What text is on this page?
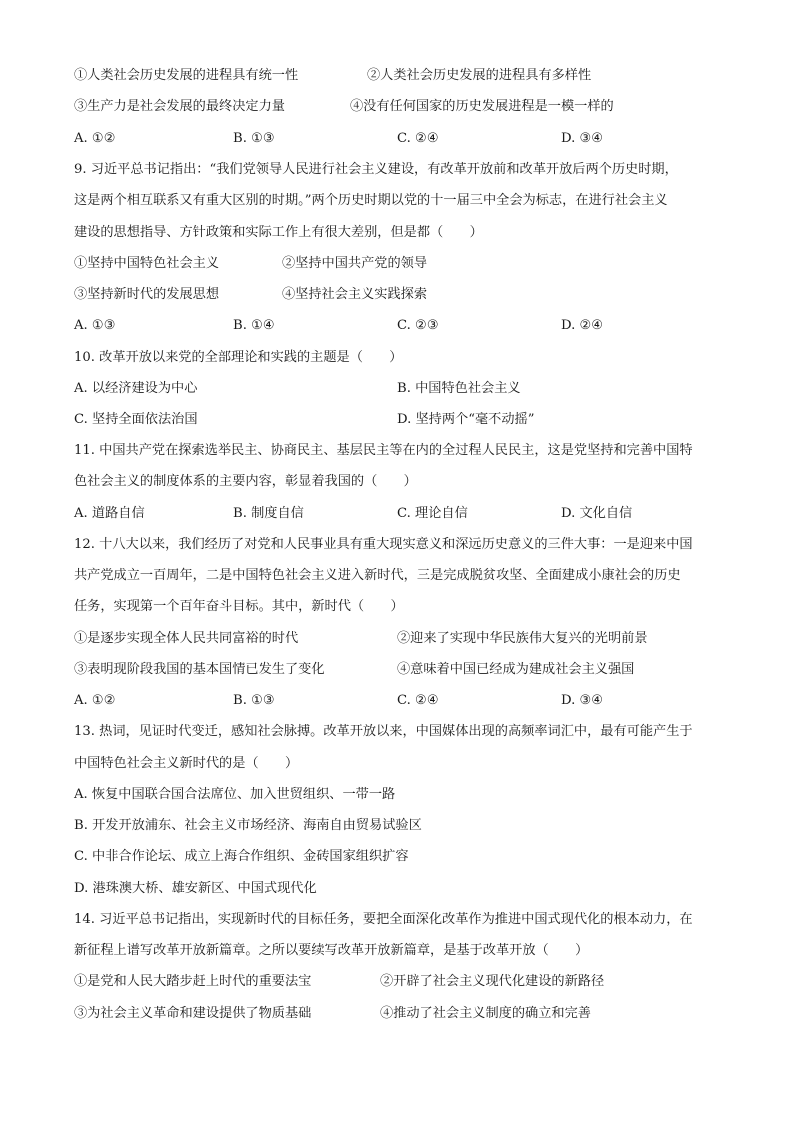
①人类社会历史发展的进程具有统一性	②人类社会历史发展的进程具有多样性
③生产力是社会发展的最终决定力量	④没有任何国家的历史发展进程是一模一样的
A. ①②	B. ①③	C. ②④	D. ③④
9. 习近平总书记指出：“我们党领导人民进行社会主义建设，有改革开放前和改革开放后两个历史时期，
这是两个相互联系又有重大区别的时期。”两个历史时期以党的十一届三中全会为标志，在进行社会主义
建设的思想指导、方针政策和实际工作上有很大差别，但是都（　　）
①坚持中国特色社会主义	②坚持中国共产党的领导
③坚持新时代的发展思想	④坚持社会主义实践探索
A. ①③	B. ①④	C. ②③	D. ②④
10. 改革开放以来党的全部理论和实践的主题是（　　）
A. 以经济建设为中心	B. 中国特色社会主义
C. 坚持全面依法治国	D. 坚持两个“毫不动摇”
11. 中国共产党在探索选举民主、协商民主、基层民主等在内的全过程人民民主，这是党坚持和完善中国特
色社会主义的制度体系的主要内容，彰显着我国的（　　）
A. 道路自信	B. 制度自信	C. 理论自信	D. 文化自信
12. 十八大以来，我们经历了对党和人民事业具有重大现实意义和深远历史意义的三件大事：一是迎来中国
共产党成立一百周年，二是中国特色社会主义进入新时代，三是完成脱贫攻坚、全面建成小康社会的历史
任务，实现第一个百年奋斗目标。其中，新时代（　　）
①是逐步实现全体人民共同富裕的时代	②迎来了实现中华民族伟大复兴的光明前景
③表明现阶段我国的基本国情已发生了变化	④意味着中国已经成为建成社会主义强国
A. ①②	B. ①③	C. ②④	D. ③④
13. 热词，见证时代变迁，感知社会脉搏。改革开放以来，中国媒体出现的高频率词汇中，最有可能产生于
中国特色社会主义新时代的是（　　）
A. 恢复中国联合国合法席位、加入世贸组织、一带一路
B. 开发开放浦东、社会主义市场经济、海南自由贸易试验区
C. 中非合作论坛、成立上海合作组织、金砖国家组织扩容
D. 港珠澳大桥、雄安新区、中国式现代化
14. 习近平总书记指出，实现新时代的目标任务，要把全面深化改革作为推进中国式现代化的根本动力，在
新征程上谱写改革开放新篇章。之所以要续写改革开放新篇章，是基于改革开放（　　）
①是党和人民大踏步赶上时代的重要法宝	②开辟了社会主义现代化建设的新路径
③为社会主义革命和建设提供了物质基础	④推动了社会主义制度的确立和完善
